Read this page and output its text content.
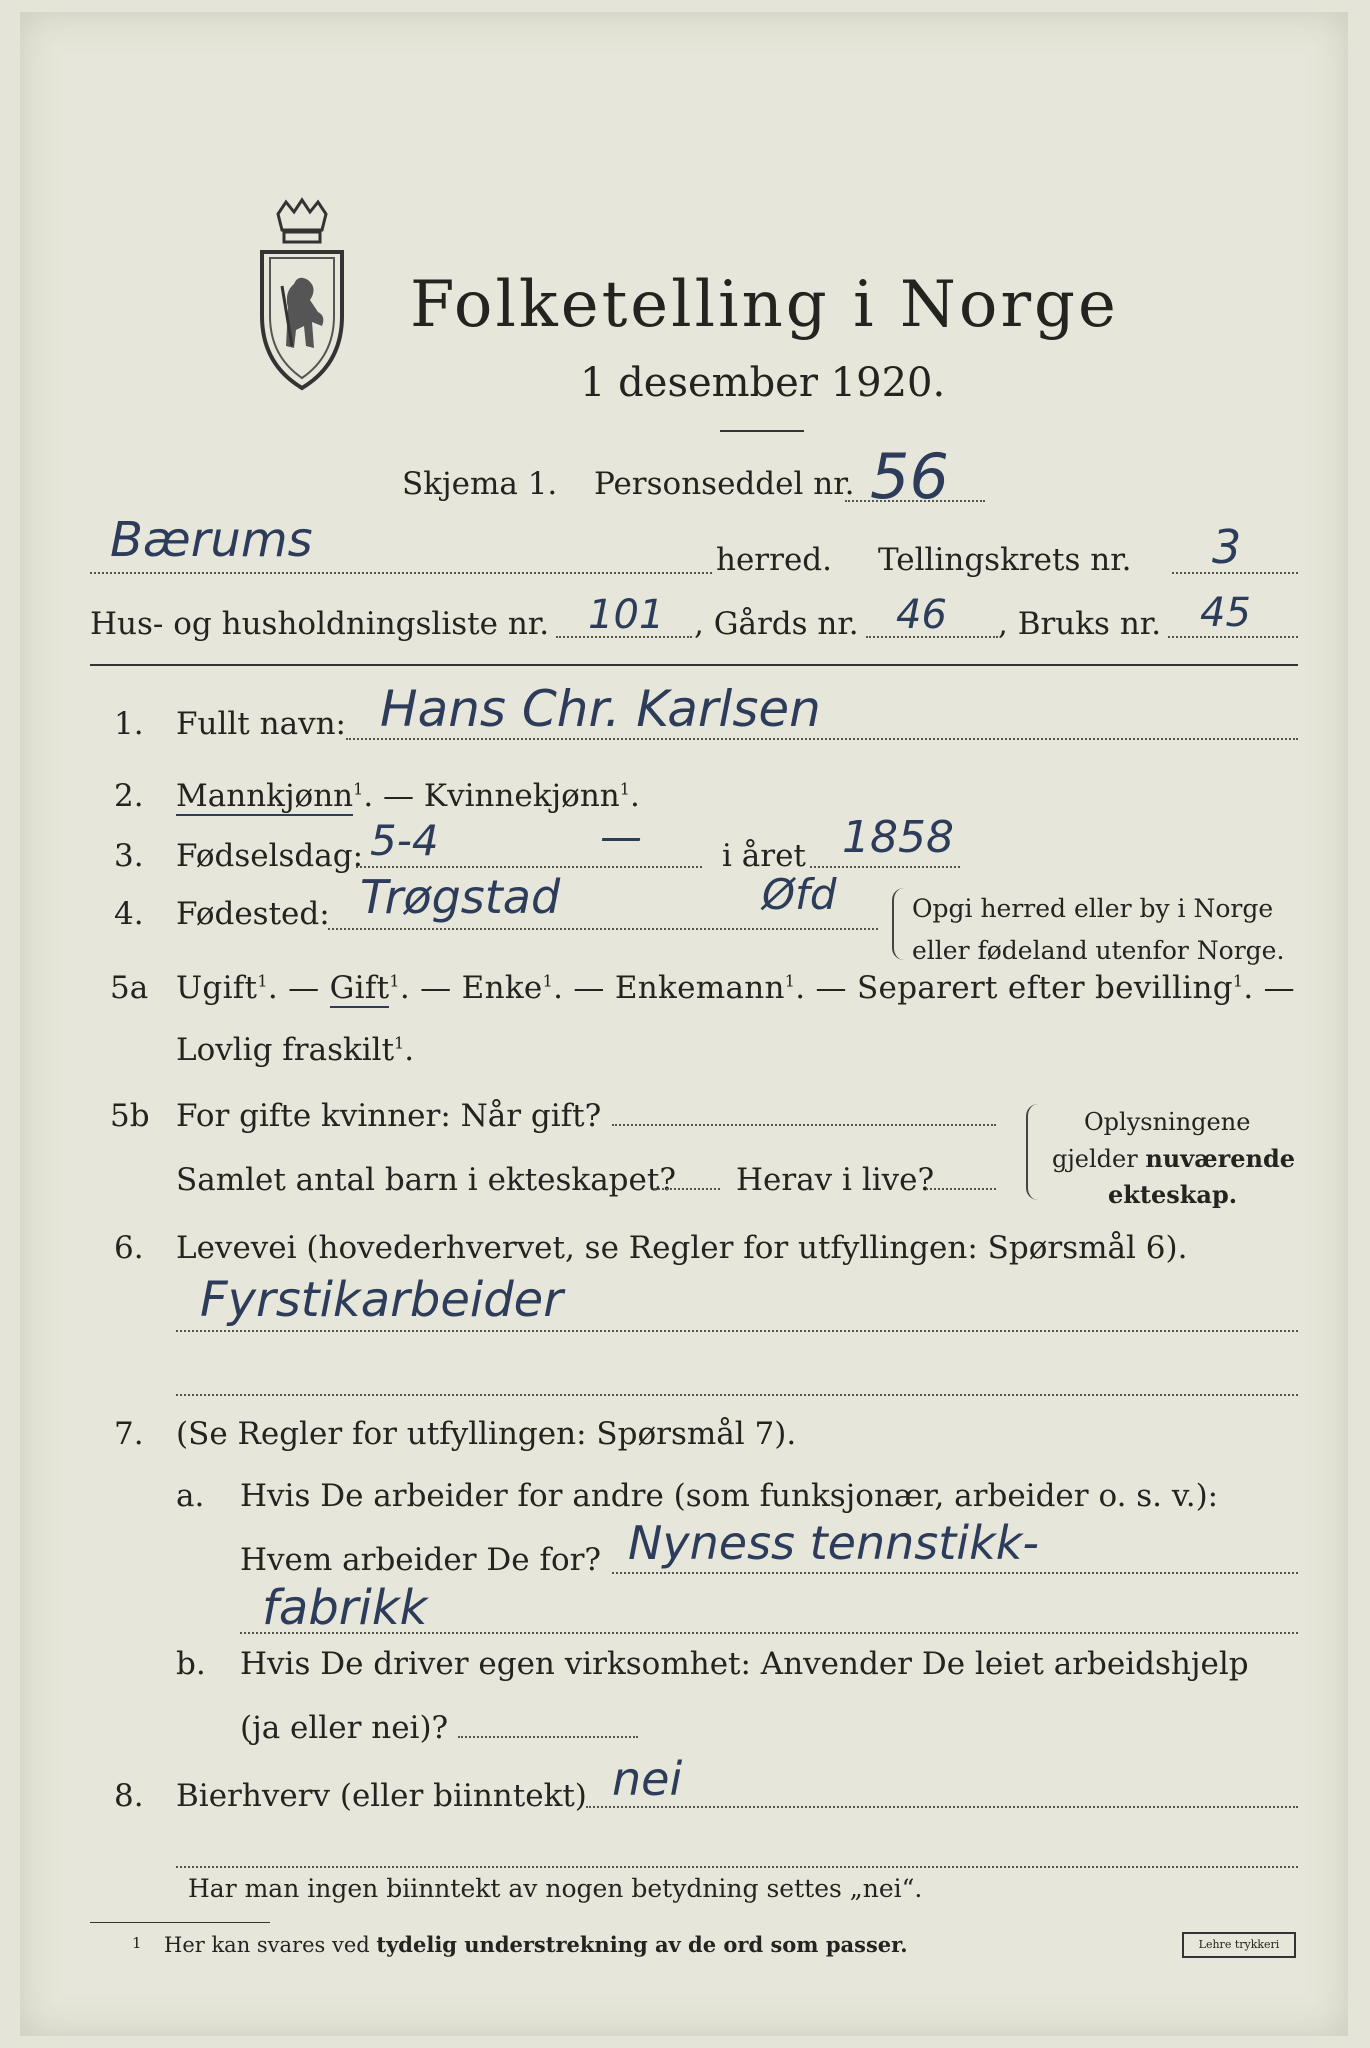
Folketelling i Norge
1 desember 1920.
Skjema 1. Personseddel nr. 56
Bærums	herred. Tellingskrets nr. 3
Hus- og husholdningsliste nr. 101 , Gårds nr. 46 , Bruks nr. 45
1. Fullt navn: Hans Chr. Karlsen
2. Mannkjønn$^1$. — Kvinnekjønn$^1$.
3. Fødselsdag: 5-4	—	i året 1858
4. Fødested: Trøgstad	Øfd	Opgi herred eller by i Norge
eller fødeland utenfor Norge.
5a Ugift$^1$. — Gift$^1$. — Enke$^1$. — Enkemann$^1$. — Separert efter bevilling$^1$. —
Lovlig fraskilt$^1$.
5b For gifte kvinner: Når gift?
Samlet antal barn i ekteskapet? Herav i live?
Oplysningene
gjelder nuværende
ekteskap.
6. Levevei (hovederhvervet, se Regler for utfyllingen: Spørsmål 6).
Fyrstikarbeider
7. (Se Regler for utfyllingen: Spørsmål 7).
a. Hvis De arbeider for andre (som funksjonær, arbeider o. s. v.):
Hvem arbeider De for? Nyness tennstikk-
fabrikk
b. Hvis De driver egen virksomhet: Anvender De leiet arbeidshjelp
(ja eller nei)?
8. Bierhverv (eller biinntekt) nei
Har man ingen biinntekt av nogen betydning settes „nei“.
1 Her kan svares ved tydelig understrekning av de ord som passer.	Lehre trykkeri
